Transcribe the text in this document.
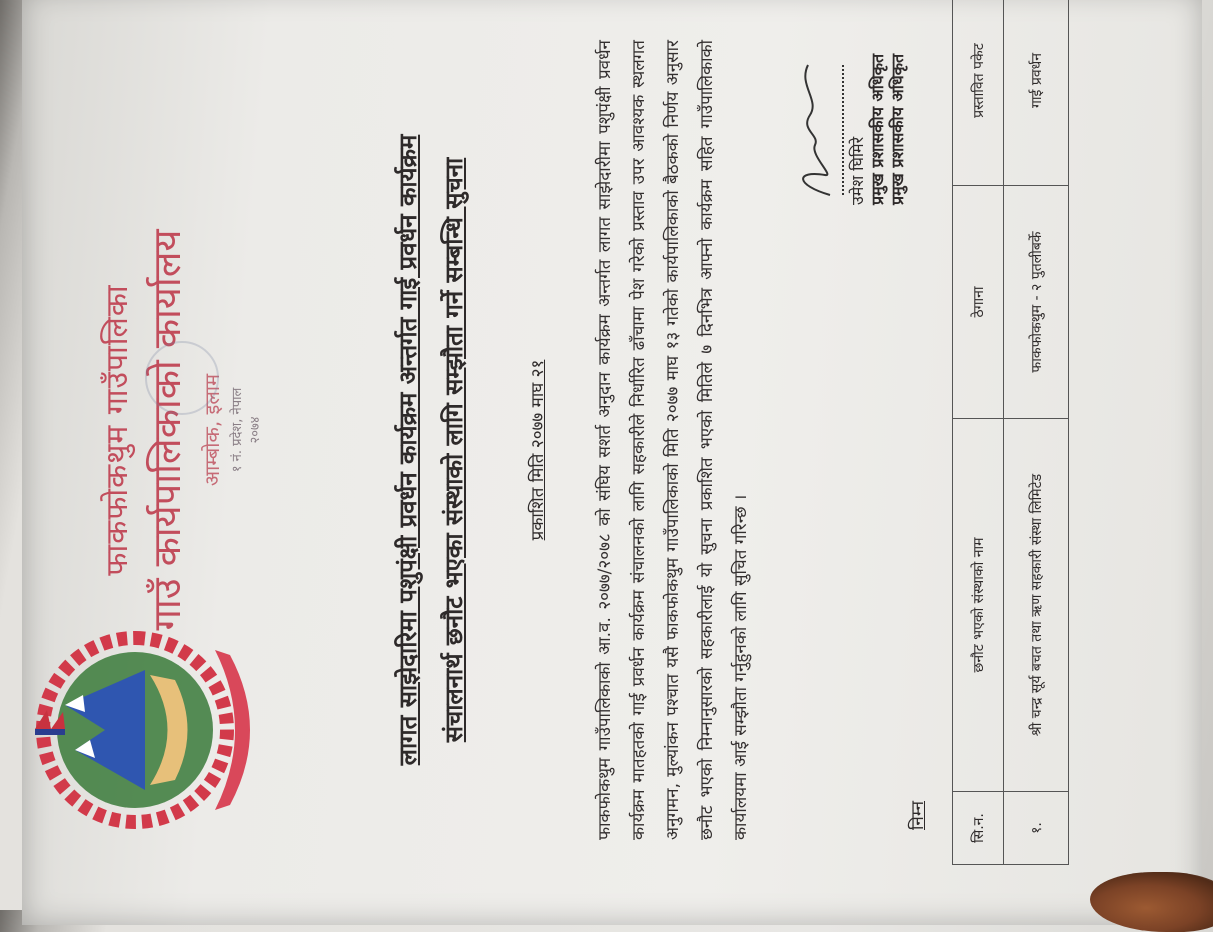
फाकफोकथुम गाउँपालिका गाउँ कार्यपालिकाको कार्यालय आम्बोक, इलाम १ नं. प्रदेश, नेपाल २०७४	लागत साझेदारिमा पशुपंक्षी प्रवर्धन कार्यक्रम अन्तर्गत गाई प्रवर्धन कार्यक्रम संचालनार्थ छनौट भएका संस्थाको लागि सम्झौता गर्ने सम्बन्धि सुचना	प्रकाशित मिति २०७७ माघ २१	फाकफोकथुम गाउँपालिकाको आ.व. २०७७/२०७८ को संघिय सशर्त अनुदान कार्यक्रम अन्तर्गत लागत साझेदारीमा पशुपंक्षी प्रवर्धन कार्यक्रम मातहतको गाई प्रवर्धन कार्यक्रम संचालनको लागि सहकारीले निर्धारित ढाँचामा पेश गरेको प्रस्ताव उपर आवश्यक स्थलगत अनुगमन, मुल्यांकन पश्चात यसै फाकफोकथुम गाउँपालिकाको मिति २०७७ माघ १३ गतेको कार्यपालिकाको बैठकको निर्णय अनुसार छनौट भएको निम्नानुसारको सहकारीलाई यो सुचना प्रकाशित भएको मितिले ७ दिनभित्र आफ्नो कार्यक्रम सहित गाउँपालिकाको कार्यालयमा आई सम्झौता गर्नुहुनको लागि सुचित गरिन्छ ।
उमेश घिमिरे प्रमुख प्रशासकीय अधिकृत प्रमुख प्रशासकीय अधिकृत
निम्न	सि.न.	छनौट भएको संस्थाको नाम	ठेगाना	प्रस्तावित पकेट
१.	श्री चन्द्र सूर्य बचत तथा ऋण सहकारी संस्था लिमिटेड	फाकफोकथुम - २ पुतलीबर्के	गाई प्रवर्धन
